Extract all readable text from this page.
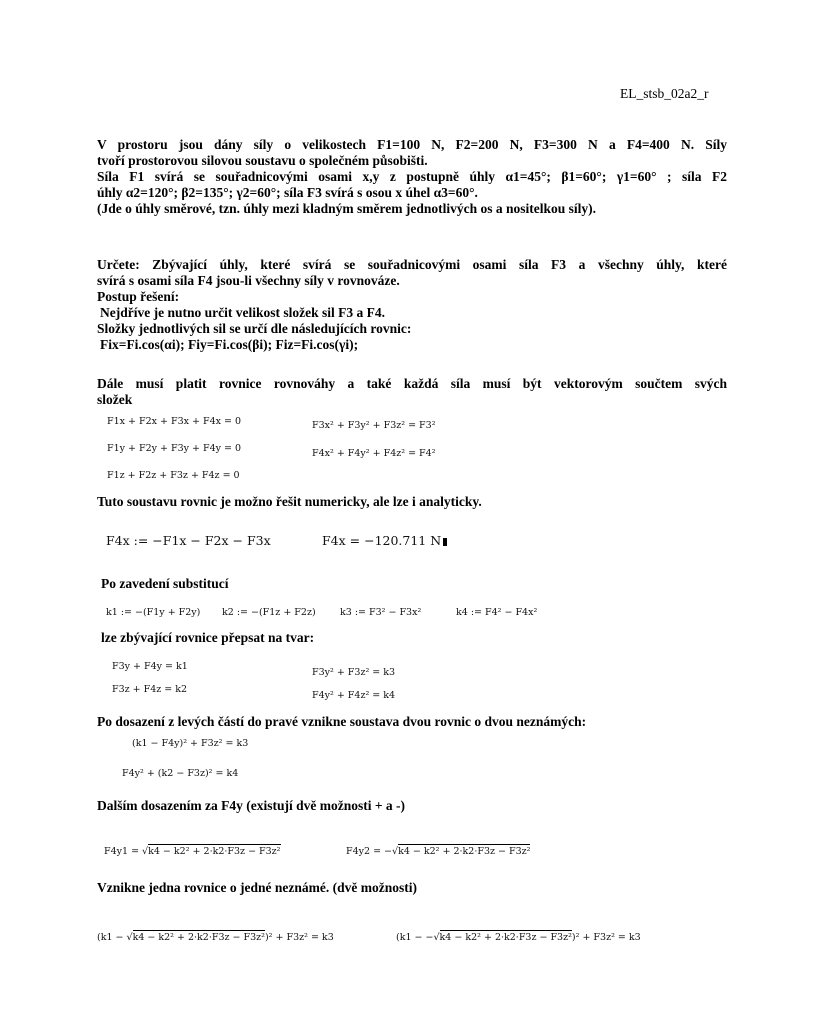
EL_stsb_02a2_r
V prostoru jsou dány síly o velikostech F1=100 N, F2=200 N, F3=300 N a F4=400 N. Síly
tvoří prostorovou silovou soustavu o společném působišti.
Síla F1 svírá se souřadnicovými osami x,y z postupně úhly α1=45°; β1=60°; γ1=60° ; síla F2
úhly α2=120°; β2=135°; γ2=60°; síla F3 svírá s osou x úhel α3=60°.
(Jde o úhly směrové, tzn. úhly mezi kladným směrem jednotlivých os a nositelkou síly).
Určete: Zbývající úhly, které svírá se souřadnicovými osami síla F3 a všechny úhly, které
svírá s osami síla F4 jsou-li všechny síly v rovnováze.
Postup řešení:
Nejdříve je nutno určit velikost složek sil F3 a F4.
Složky jednotlivých sil se určí dle následujících rovnic:
Fix=Fi.cos(αi); Fiy=Fi.cos(βi); Fiz=Fi.cos(γi);
Dále musí platit rovnice rovnováhy a také každá síla musí být vektorovým součtem svých
složek
F1x + F2x + F3x + F4x = 0
F1y + F2y + F3y + F4y = 0
F1z + F2z + F3z + F4z = 0
F3x² + F3y² + F3z² = F3²
F4x² + F4y² + F4z² = F4²
Tuto soustavu rovnic je možno řešit numericky, ale lze i analyticky.
F4x := −F1x − F2x − F3x	F4x = −120.711 N
Po zavedení substitucí
k1 := −(F1y + F2y) k2 := −(F1z + F2z)	k3 := F3² − F3x²	k4 := F4² − F4x²
lze zbývající rovnice přepsat na tvar:
F3y + F4y = k1
F3z + F4z = k2
F3y² + F3z² = k3
F4y² + F4z² = k4
Po dosazení z levých částí do pravé vznikne soustava dvou rovnic o dvou neznámých:
(k1 − F4y)² + F3z² = k3
F4y² + (k2 − F3z)² = k4
Dalším dosazením za F4y (existují dvě možnosti + a -)
F4y1 = √k4 − k2² + 2·k2·F3z − F3z²	F4y2 = −√k4 − k2² + 2·k2·F3z − F3z²
Vznikne jedna rovnice o jedné neznámé. (dvě možnosti)
(k1 − √k4 − k2² + 2·k2·F3z − F3z²)² + F3z² = k3	(k1 − −√k4 − k2² + 2·k2·F3z − F3z²)² + F3z² = k3
